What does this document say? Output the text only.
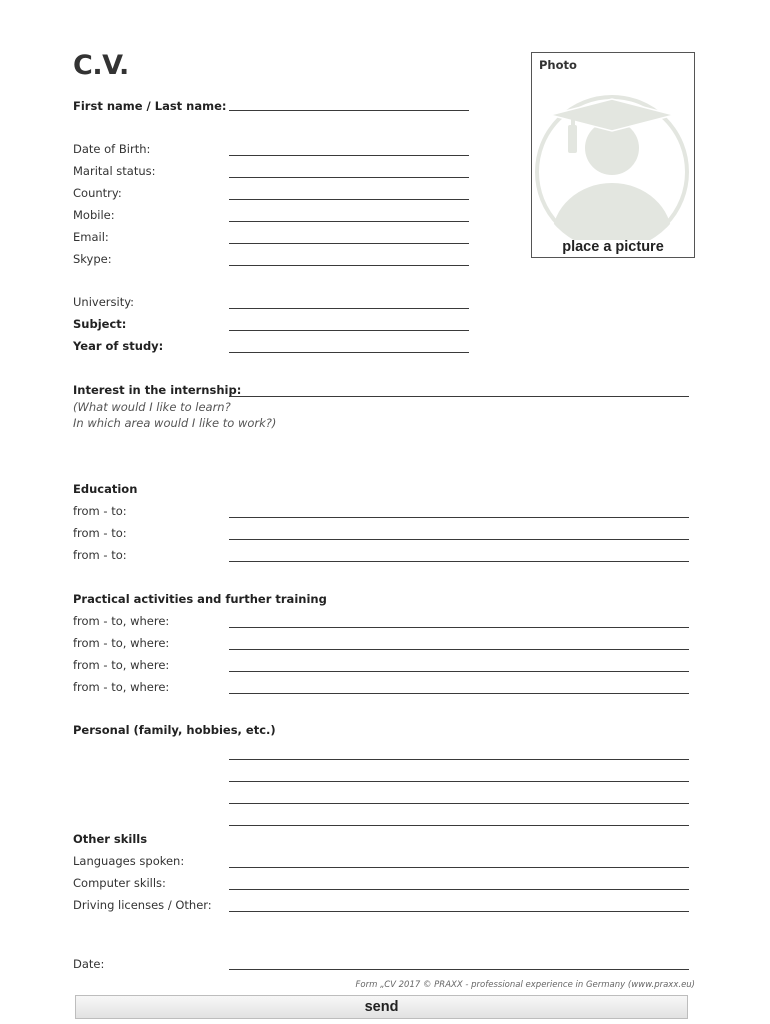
C.V.	Photo
place a picture
First name / Last name:
Date of Birth:
Marital status:
Country:
Mobile:
Email:
Skype:
University:
Subject:
Year of study:
Interest in the internship:
(What would I like to learn?
In which area would I like to work?)
Education
from - to:
from - to:
from - to:
Practical activities and further training
from - to, where:
from - to, where:
from - to, where:
from - to, where:
Personal (family, hobbies, etc.)
Other skills
Languages spoken:
Computer skills:
Driving licenses / Other:
Date:
Form „CV 2017 © PRAXX - professional experience in Germany (www.praxx.eu)
send
